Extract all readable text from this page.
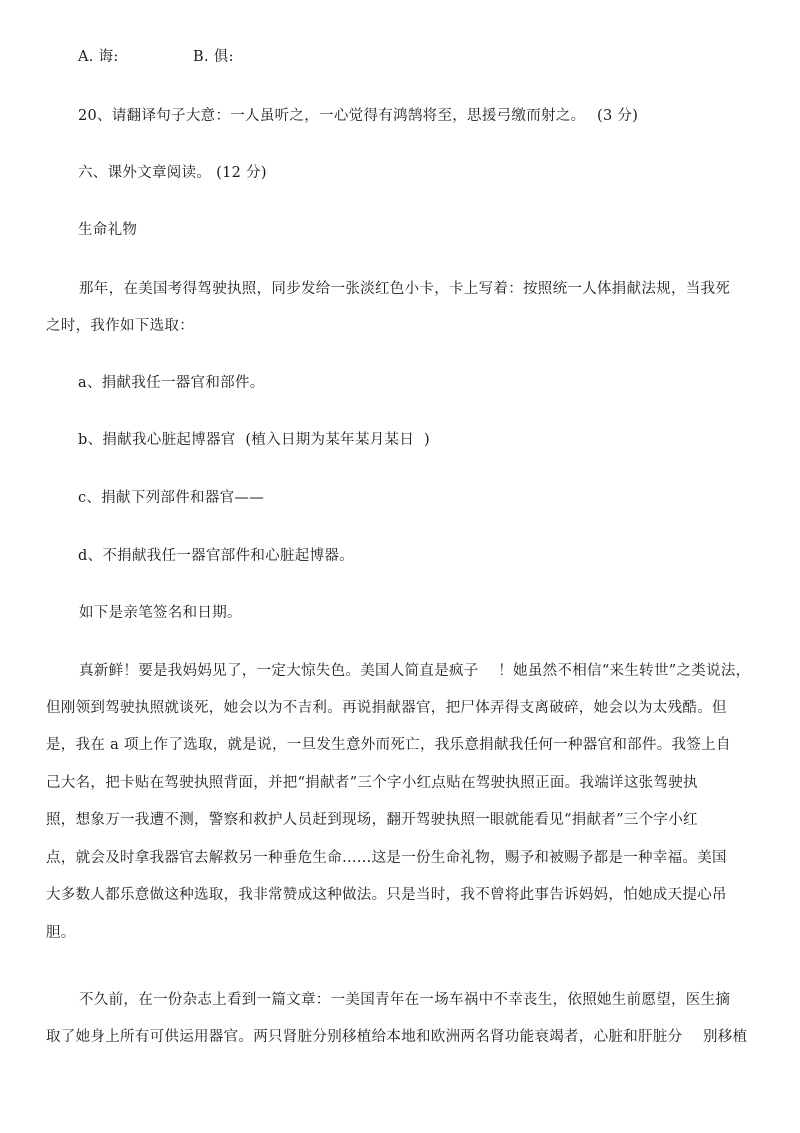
A. 诲:	B. 俱:
20、请翻译句子大意：一人虽听之，一心觉得有鸿鹄将至，思援弓缴而射之。 (3 分)
六、课外文章阅读。 (12 分)
生命礼物
那年，在美国考得驾驶执照，同步发给一张淡红色小卡，卡上写着：按照统一人体捐献法规，当我死
之时，我作如下选取：
a、捐献我任一器官和部件。
b、捐献我心脏起博器官  (植入日期为某年某月某日  )
c、捐献下列部件和器官——
d、不捐献我任一器官部件和心脏起博器。
如下是亲笔签名和日期。
真新鲜！要是我妈妈见了，一定大惊失色。美国人简直是疯子    ！她虽然不相信“来生转世”之类说法，
但刚领到驾驶执照就谈死，她会以为不吉利。再说捐献器官，把尸体弄得支离破碎，她会以为太残酷。但
是，我在 a 项上作了选取，就是说，一旦发生意外而死亡，我乐意捐献我任何一种器官和部件。我签上自
己大名，把卡贴在驾驶执照背面，并把“捐献者”三个字小红点贴在驾驶执照正面。我端详这张驾驶执
照，想象万一我遭不测，警察和救护人员赶到现场，翻开驾驶执照一眼就能看见“捐献者”三个字小红
点，就会及时拿我器官去解救另一种垂危生命……这是一份生命礼物，赐予和被赐予都是一种幸福。美国
大多数人都乐意做这种选取，我非常赞成这种做法。只是当时，我不曾将此事告诉妈妈，怕她成天提心吊
胆。
不久前，在一份杂志上看到一篇文章：一美国青年在一场车祸中不幸丧生，依照她生前愿望，医生摘
取了她身上所有可供运用器官。两只肾脏分别移植给本地和欧洲两名肾功能衰竭者，心脏和肝脏分 别移植
